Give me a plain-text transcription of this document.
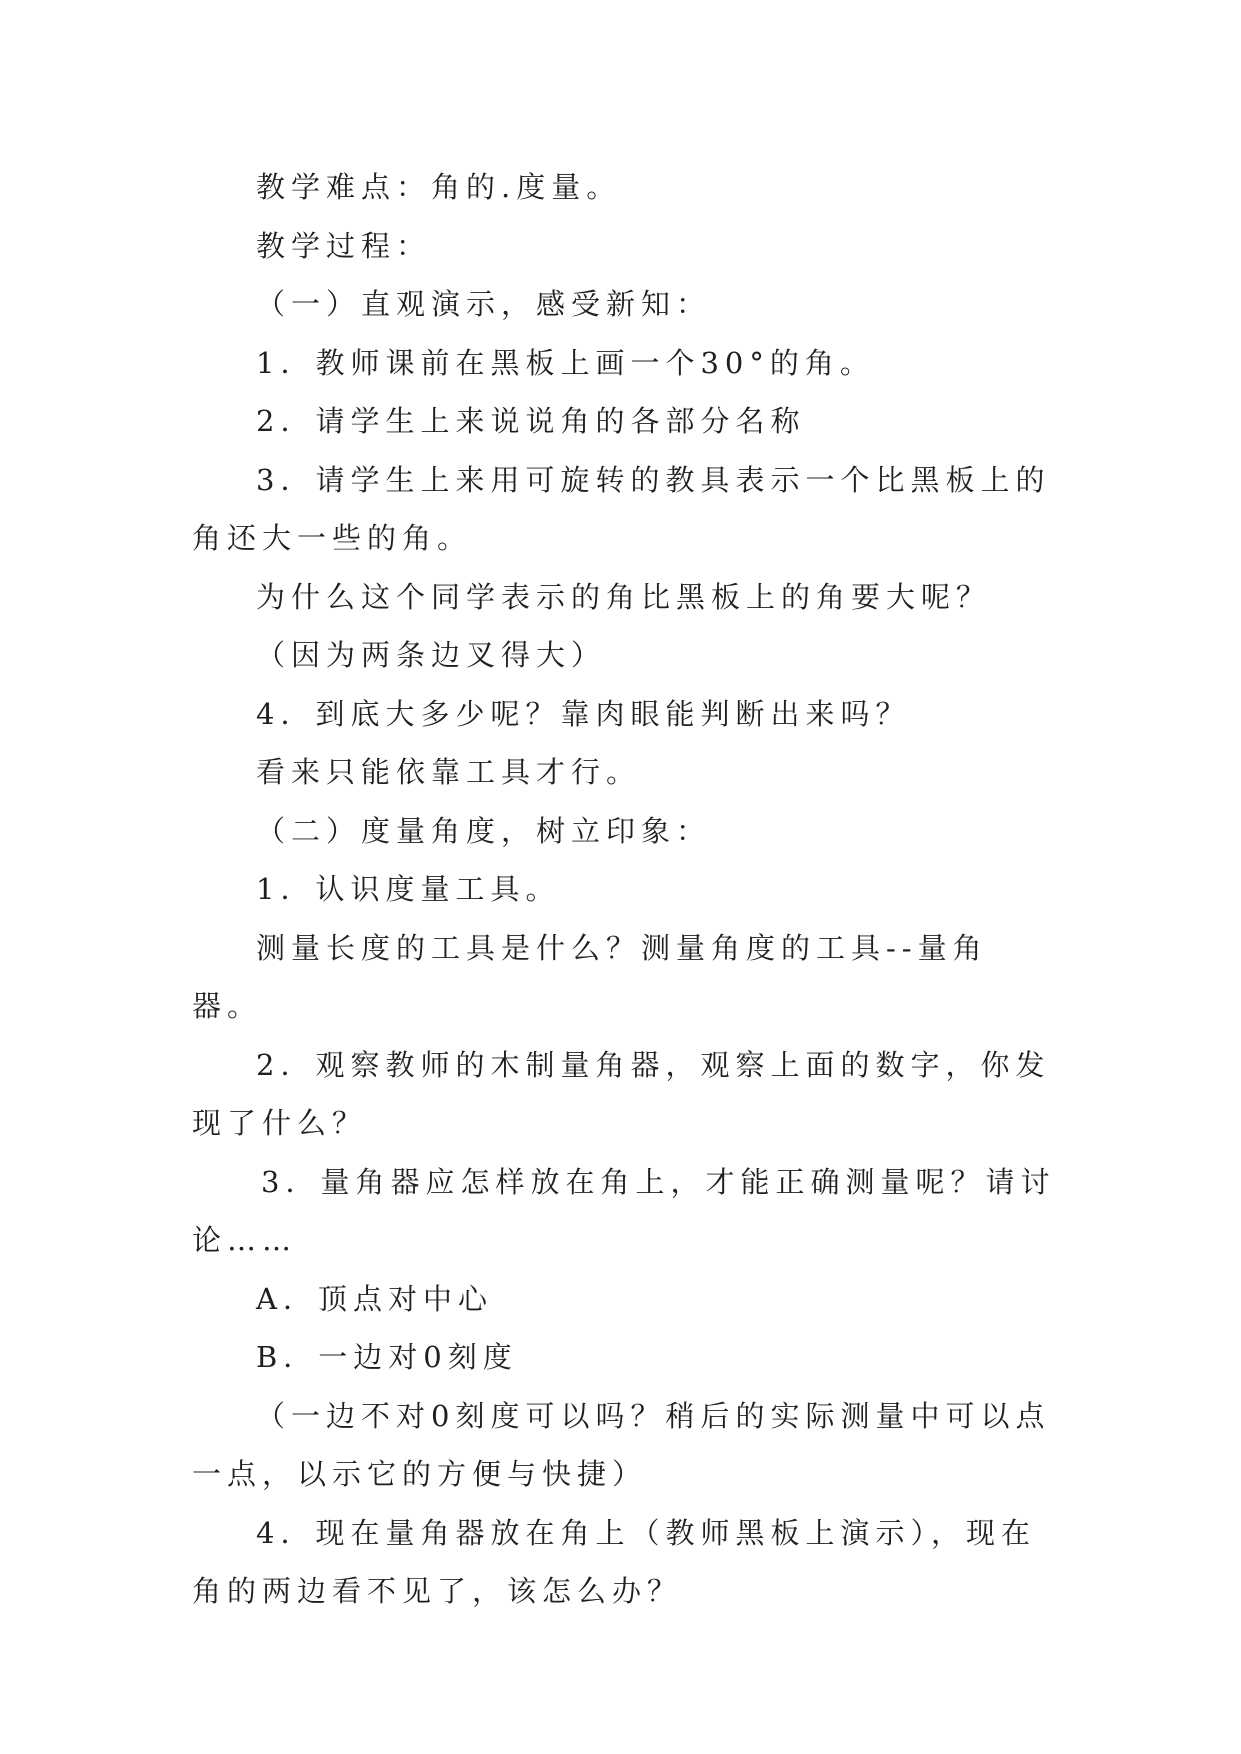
教学难点：角的.度量。

教学过程：

（一）直观演示，感受新知：

1．教师课前在黑板上画一个30°的角。

2．请学生上来说说角的各部分名称

3．请学生上来用可旋转的教具表示一个比黑板上的角还大一些的角。

为什么这个同学表示的角比黑板上的角要大呢？

（因为两条边叉得大）

4．到底大多少呢？靠肉眼能判断出来吗？

看来只能依靠工具才行。

（二）度量角度，树立印象：

1．认识度量工具。

测量长度的工具是什么？测量角度的工具--量角器。

2．观察教师的木制量角器，观察上面的数字，你发现了什么？

3．量角器应怎样放在角上，才能正确测量呢？请讨论……

A．顶点对中心

B．一边对0刻度

（一边不对0刻度可以吗？稍后的实际测量中可以点一点，以示它的方便与快捷）

4．现在量角器放在角上（教师黑板上演示），现在角的两边看不见了，该怎么办？
